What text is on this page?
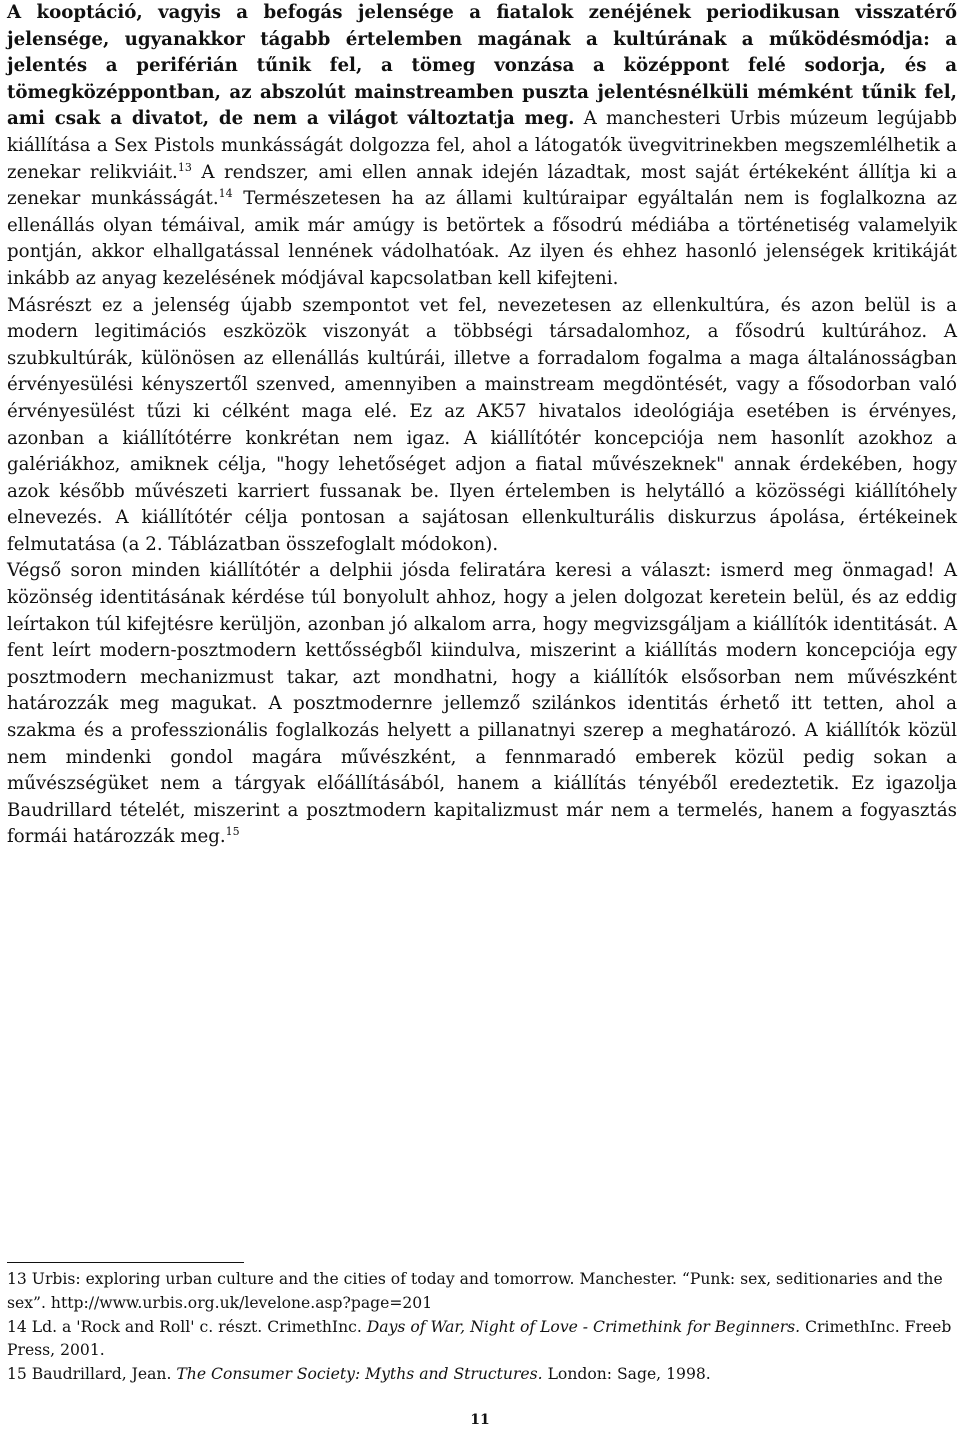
A kooptáció, vagyis a befogás jelensége a fiatalok zenéjének periodikusan visszatérő jelensége, ugyanakkor tágabb értelemben magának a kultúrának a működésmódja: a jelentés a periférián tűnik fel, a tömeg vonzása a középpont felé sodorja, és a tömegközéppontban, az abszolút mainstreamben puszta jelentésnélküli mémként tűnik fel, ami csak a divatot, de nem a világot változtatja meg. A manchesteri Urbis múzeum legújabb kiállítása a Sex Pistols munkásságát dolgozza fel, ahol a látogatók üvegvitrinekben megszemlélhetik a zenekar relikviáit.$^{13}$ A rendszer, ami ellen annak idején lázadtak, most saját értékeként állítja ki a zenekar munkásságát.$^{14}$ Természetesen ha az állami kultúraipar egyáltalán nem is foglalkozna az ellenállás olyan témáival, amik már amúgy is betörtek a fősodrú médiába a történetiség valamelyik pontján, akkor elhallgatással lennének vádolhatóak. Az ilyen és ehhez hasonló jelenségek kritikáját inkább az anyag kezelésének módjával kapcsolatban kell kifejteni.

Másrészt ez a jelenség újabb szempontot vet fel, nevezetesen az ellenkultúra, és azon belül is a modern legitimációs eszközök viszonyát a többségi társadalomhoz, a fősodrú kultúrához. A szubkultúrák, különösen az ellenállás kultúrái, illetve a forradalom fogalma a maga általánosságban érvényesülési kényszertől szenved, amennyiben a mainstream megdöntését, vagy a fősodorban való érvényesülést tűzi ki célként maga elé. Ez az AK57 hivatalos ideológiája esetében is érvényes, azonban a kiállítótérre konkrétan nem igaz. A kiállítótér koncepciója nem hasonlít azokhoz a galériákhoz, amiknek célja, "hogy lehetőséget adjon a fiatal művészeknek" annak érdekében, hogy azok később művészeti karriert fussanak be. Ilyen értelemben is helytálló a közösségi kiállítóhely elnevezés. A kiállítótér célja pontosan a sajátosan ellenkulturális diskurzus ápolása, értékeinek felmutatása (a 2. Táblázatban összefoglalt módokon).

Végső soron minden kiállítótér a delphii jósda feliratára keresi a választ: ismerd meg önmagad! A közönség identitásának kérdése túl bonyolult ahhoz, hogy a jelen dolgozat keretein belül, és az eddig leírtakon túl kifejtésre kerüljön, azonban jó alkalom arra, hogy megvizsgáljam a kiállítók identitását. A fent leírt modern-posztmodern kettősségből kiindulva, miszerint a kiállítás modern koncepciója egy posztmodern mechanizmust takar, azt mondhatni, hogy a kiállítók elsősorban nem művészként határozzák meg magukat. A posztmodernre jellemző szilánkos identitás érhető itt tetten, ahol a szakma és a professzionális foglalkozás helyett a pillanatnyi szerep a meghatározó. A kiállítók közül nem mindenki gondol magára művészként, a fennmaradó emberek közül pedig sokan a művészségüket nem a tárgyak előállításából, hanem a kiállítás tényéből eredeztetik. Ez igazolja Baudrillard tételét, miszerint a posztmodern kapitalizmust már nem a termelés, hanem a fogyasztás formái határozzák meg.$^{15}$

13 Urbis: exploring urban culture and the cities of today and tomorrow. Manchester. “Punk: sex, seditionaries and the sex”. http://www.urbis.org.uk/levelone.asp?page=201

14 Ld. a 'Rock and Roll' c. részt. CrimethInc. Days of War, Night of Love - Crimethink for Beginners. CrimethInc. Freeb Press, 2001.

15 Baudrillard, Jean. The Consumer Society: Myths and Structures. London: Sage, 1998.

11
